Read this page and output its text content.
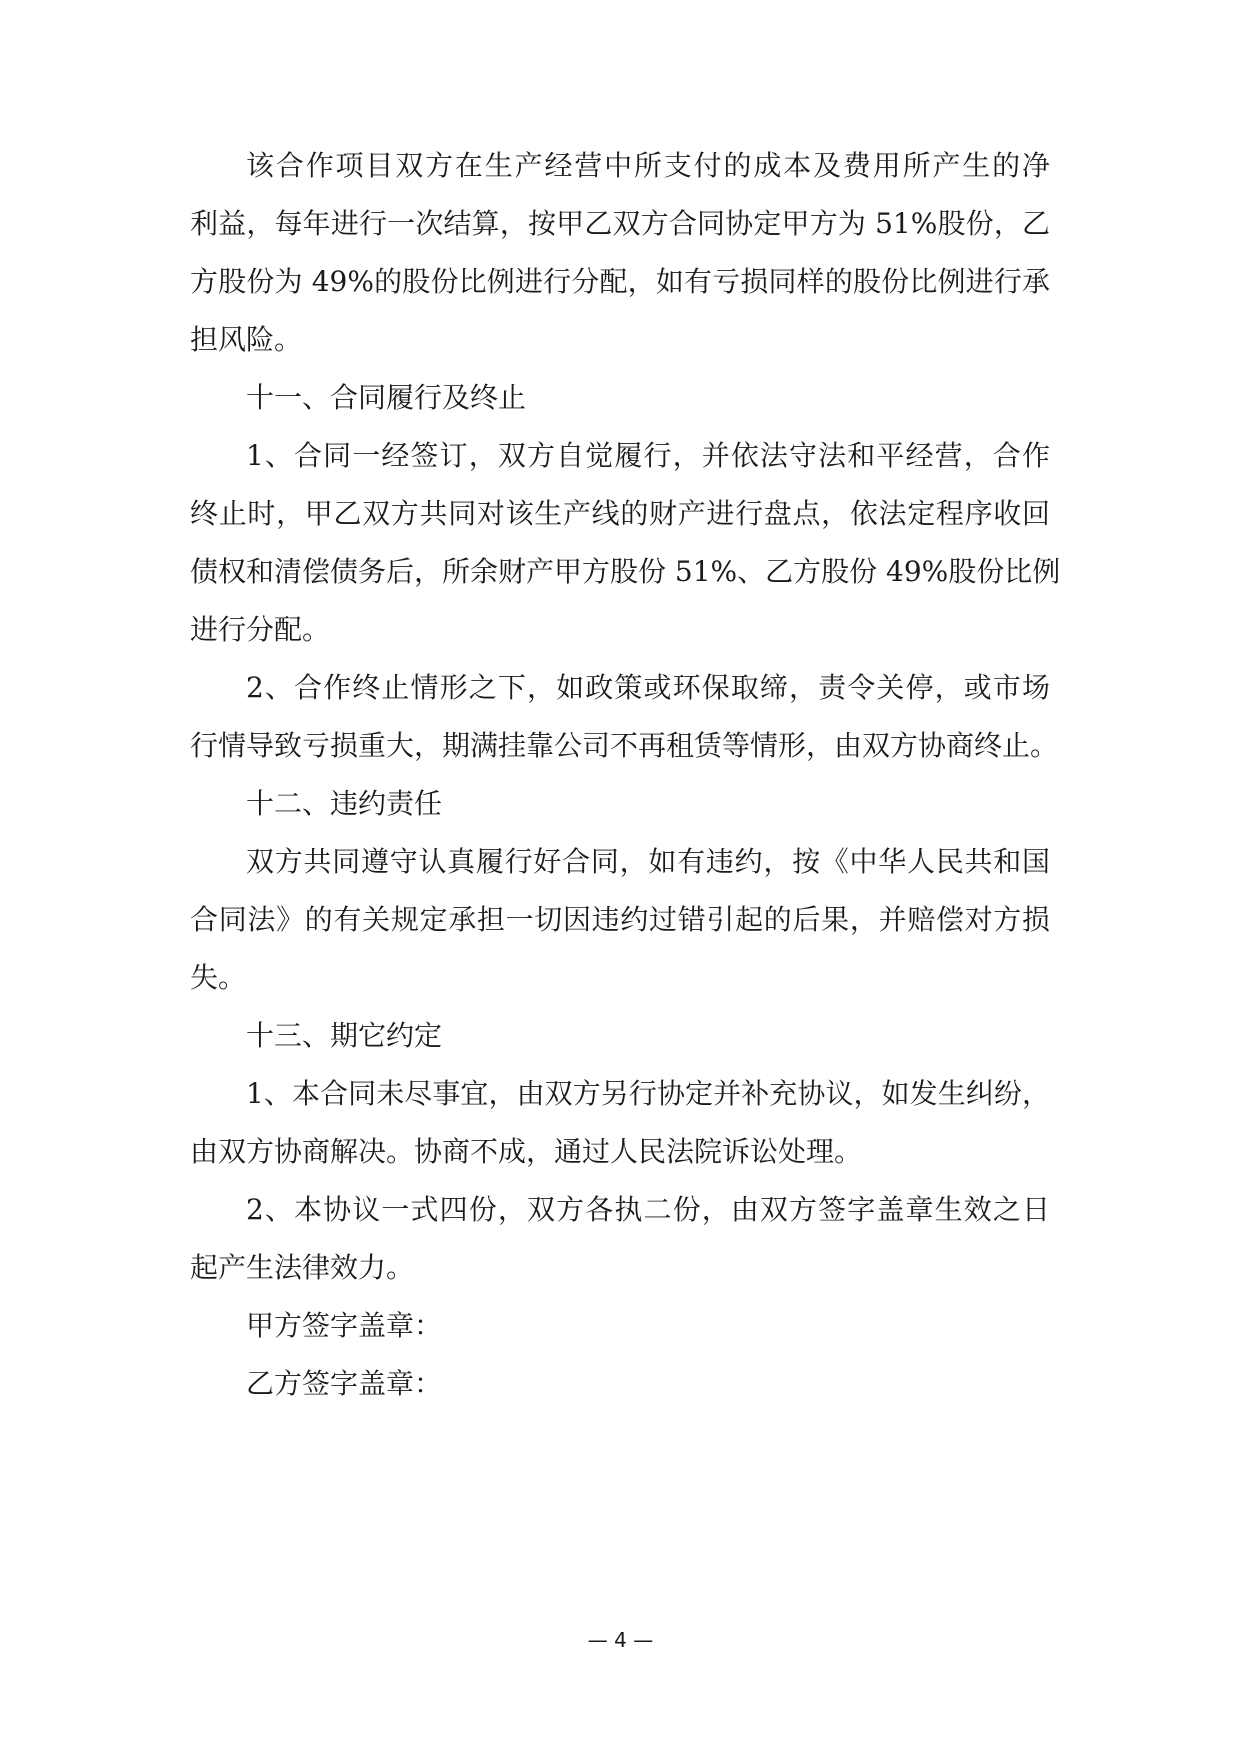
该合作项目双方在生产经营中所支付的成本及费用所产生的净
利益，每年进行一次结算，按甲乙双方合同协定甲方为 51%股份，乙
方股份为 49%的股份比例进行分配，如有亏损同样的股份比例进行承
担风险。
十一、合同履行及终止
1、合同一经签订，双方自觉履行，并依法守法和平经营，合作
终止时，甲乙双方共同对该生产线的财产进行盘点，依法定程序收回
债权和清偿债务后，所余财产甲方股份 51%、乙方股份 49%股份比例
进行分配。
2、合作终止情形之下，如政策或环保取缔，责令关停，或市场
行情导致亏损重大，期满挂靠公司不再租赁等情形，由双方协商终止。
十二、违约责任
双方共同遵守认真履行好合同，如有违约，按《中华人民共和国
合同法》的有关规定承担一切因违约过错引起的后果，并赔偿对方损
失。
十三、期它约定
1、本合同未尽事宜，由双方另行协定并补充协议，如发生纠纷，
由双方协商解决。协商不成，通过人民法院诉讼处理。
2、本协议一式四份，双方各执二份，由双方签字盖章生效之日
起产生法律效力。
甲方签字盖章：
乙方签字盖章：
— 4 —
